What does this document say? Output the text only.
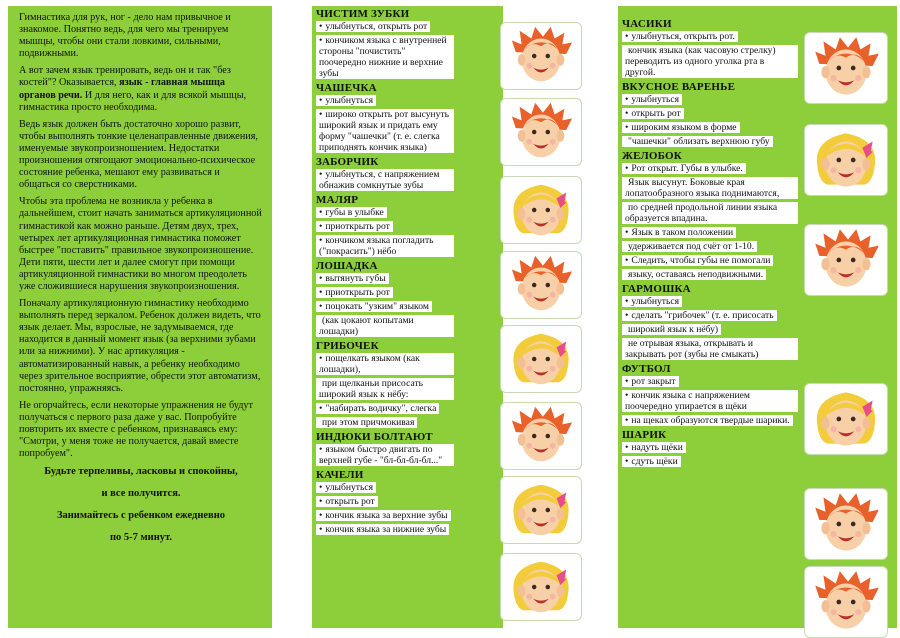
Гимнастика для рук, ног - дело нам привычное и знакомое. Понятно ведь, для чего мы тренируем мышцы, чтобы они стали ловкими, сильными, подвижными.

А вот зачем язык тренировать, ведь он и так "без костей"? Оказывается, язык - главная мышца органов речи. И для него, как и для всякой мышцы, гимнастика просто необходима.

Ведь язык должен быть достаточно хорошо развит, чтобы выполнять тонкие целенаправленные движения, именуемые звукопроизношением. Недостатки произношения отягощают эмоционально-психическое состояние ребенка, мешают ему развиваться и общаться со сверстниками.

Чтобы эта проблема не возникла у ребенка в дальнейшем, стоит начать заниматься артикуляционной гимнастикой как можно раньше. Детям двух, трех, четырех лет артикуляционная гимнастика поможет быстрее "поставить" правильное звукопроизношение. Дети пяти, шести лет и далее смогут при помощи артикуляционной гимнастики во многом преодолеть уже сложившиеся нарушения звукопроизношения.

Поначалу артикуляционную гимнастику необходимо выполнять перед зеркалом. Ребенок должен видеть, что язык делает. Мы, взрослые, не задумываемся, где находится в данный момент язык (за верхними зубами или за нижними). У нас артикуляция - автоматизированный навык, а ребенку необходимо через зрительное восприятие, обрести этот автоматизм, постоянно, упражняясь.

Не огорчайтесь, если некоторые упражнения не будут получаться с первого раза даже у вас. Попробуйте повторить их вместе с ребенком, признаваясь ему: "Смотри, у меня тоже не получается, давай вместе попробуем".

Будьте терпеливы, ласковы и спокойны,
и все получится.
Занимайтесь с ребенком ежедневно
по 5-7 минут.
ЧИСТИМ ЗУБКИ
• улыбнуться, открыть рот
• кончиком языка с внутренней стороны "почистить" поочередно нижние и верхние зубы
ЧАШЕЧКА
• улыбнуться
• широко открыть рот высунуть широкий язык и придать ему форму "чашечки" (т. е. слегка приподнять кончик языка)
ЗАБОРЧИК
• улыбнуться, с напряжением обнажив сомкнутые зубы
МАЛЯР
• губы в улыбке
• приоткрыть рот
• кончиком языка погладить ("покрасить") нёбо
ЛОШАДКА
• вытянуть губы
• приоткрыть рот
• поцокать "узким" языком
(как цокают копытами лошадки)
ГРИБОЧЕК
• пощелкать языком (как лошадки),
при щелканьи присосать широкий язык к нёбу:
• "набирать водичку", слегка
при этом причмокивая
ИНДЮКИ БОЛТАЮТ
• языком быстро двигать по верхней губе - "бл-бл-бл-бл..."
КАЧЕЛИ
• улыбнуться
• открыть рот
• кончик языка за верхние зубы
• кончик языка за нижние зубы
ЧАСИКИ
• улыбнуться, открыть рот.
кончик языка (как часовую стрелку) переводить из одного уголка рта в другой.
ВКУСНОЕ ВАРЕНЬЕ
• улыбнуться
• открыть рот
• широким языком в форме
"чашечки" облизать верхнюю губу
ЖЕЛОБОК
• Рот открыт. Губы в улыбке.
Язык высунут. Боковые края лопатообразного языка поднимаются,
по средней продольной линии языка образуется впадина.
• Язык в таком положении
удерживается под счёт от 1-10.
• Следить, чтобы губы не помогали
языку, оставаясь неподвижными.
ГАРМОШКА
• улыбнуться
• сделать "грибочек" (т. е. присосать
широкий язык к нёбу)
не отрывая языка, открывать и закрывать рот (зубы не смыкать)
ФУТБОЛ
• рот закрыт
• кончик языка с напряжением поочередно упирается в щёки
• на щеках образуются твердые шарики.
ШАРИК
• надуть щёки
• сдуть щёки
